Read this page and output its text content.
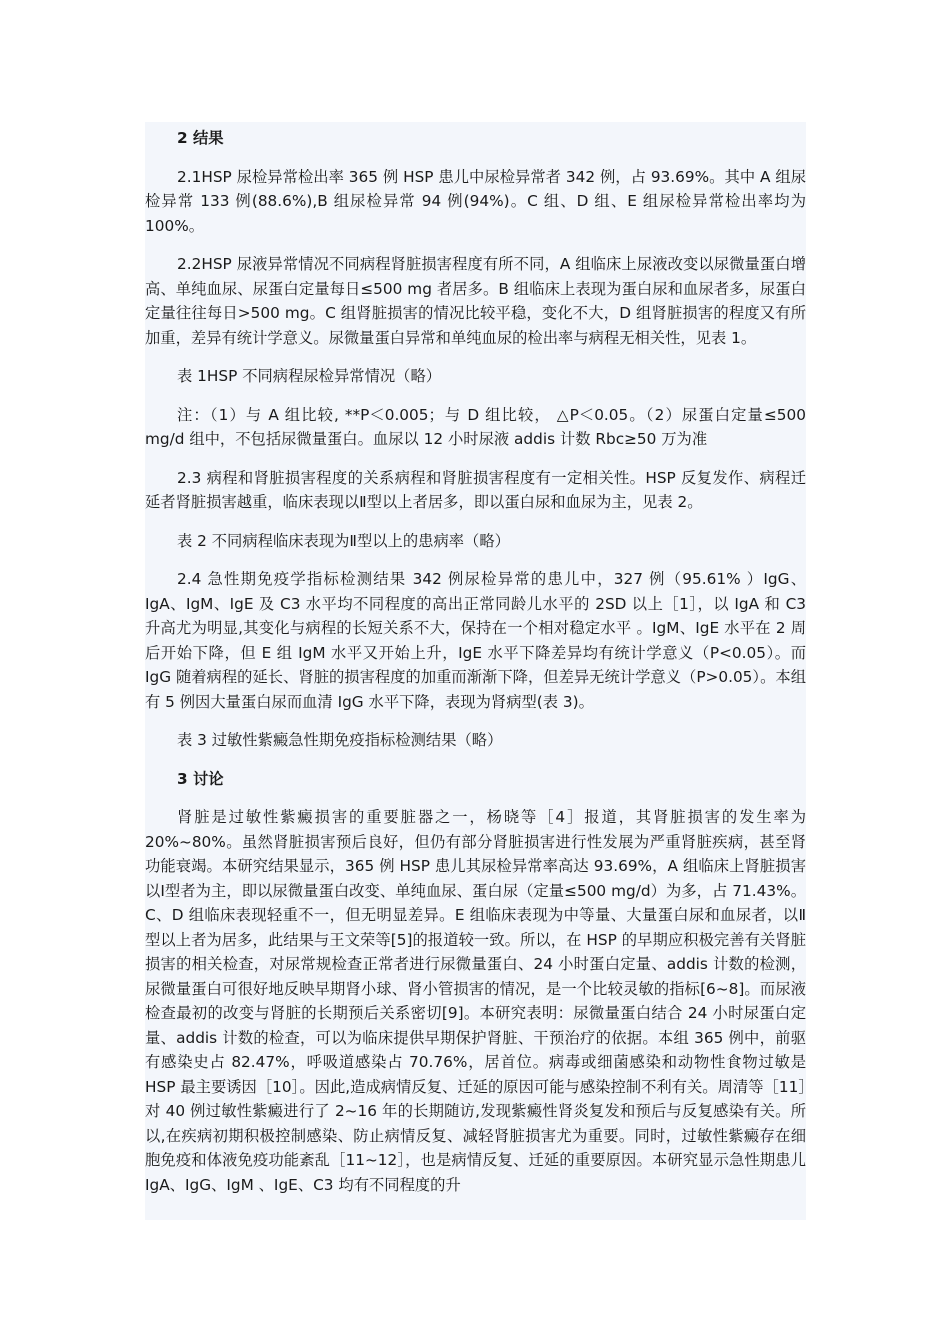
2 结果

2.1HSP 尿检异常检出率 365 例 HSP 患儿中尿检异常者 342 例，占 93.69%。其中 A 组尿检异常 133 例(88.6%),B 组尿检异常 94 例(94%)。C 组、D 组、E 组尿检异常检出率均为 100%。

2.2HSP 尿液异常情况不同病程肾脏损害程度有所不同，A 组临床上尿液改变以尿微量蛋白增高、单纯血尿、尿蛋白定量每日≤500 mg 者居多。B 组临床上表现为蛋白尿和血尿者多，尿蛋白定量往往每日>500 mg。C 组肾脏损害的情况比较平稳，变化不大，D 组肾脏损害的程度又有所加重，差异有统计学意义。尿微量蛋白异常和单纯血尿的检出率与病程无相关性，见表 1。

表 1HSP 不同病程尿检异常情况（略）

注：（1）与 A 组比较, **P＜0.005；与 D 组比较， △P＜0.05。（2）尿蛋白定量≤500 mg/d 组中，不包括尿微量蛋白。血尿以 12 小时尿液 addis 计数 Rbc≥50 万为准

2.3 病程和肾脏损害程度的关系病程和肾脏损害程度有一定相关性。HSP 反复发作、病程迁延者肾脏损害越重，临床表现以Ⅱ型以上者居多，即以蛋白尿和血尿为主，见表 2。

表 2 不同病程临床表现为Ⅱ型以上的患病率（略）

2.4 急性期免疫学指标检测结果 342 例尿检异常的患儿中，327 例（95.61% ）IgG、IgA、IgM、IgE 及 C3 水平均不同程度的高出正常同龄儿水平的 2SD 以上［1］，以 IgA 和 C3 升高尤为明显,其变化与病程的长短关系不大，保持在一个相对稳定水平 。IgM、IgE 水平在 2 周后开始下降，但 E 组 IgM 水平又开始上升，IgE 水平下降差异均有统计学意义（P<0.05）。而 IgG 随着病程的延长、肾脏的损害程度的加重而渐渐下降，但差异无统计学意义（P>0.05）。本组有 5 例因大量蛋白尿而血清 IgG 水平下降，表现为肾病型(表 3)。

表 3 过敏性紫癜急性期免疫指标检测结果（略）

3 讨论

肾脏是过敏性紫癜损害的重要脏器之一，杨晓等［4］报道，其肾脏损害的发生率为 20%~80%。虽然肾脏损害预后良好，但仍有部分肾脏损害进行性发展为严重肾脏疾病，甚至肾功能衰竭。本研究结果显示，365 例 HSP 患儿其尿检异常率高达 93.69%，A 组临床上肾脏损害以Ⅰ型者为主，即以尿微量蛋白改变、单纯血尿、蛋白尿（定量≤500 mg/d）为多，占 71.43%。C、D 组临床表现轻重不一，但无明显差异。E 组临床表现为中等量、大量蛋白尿和血尿者，以Ⅱ型以上者为居多，此结果与王文荣等[5]的报道较一致。所以，在 HSP 的早期应积极完善有关肾脏损害的相关检查，对尿常规检查正常者进行尿微量蛋白、24 小时蛋白定量、addis 计数的检测，尿微量蛋白可很好地反映早期肾小球、肾小管损害的情况，是一个比较灵敏的指标[6~8]。而尿液检查最初的改变与肾脏的长期预后关系密切[9]。本研究表明：尿微量蛋白结合 24 小时尿蛋白定量、addis 计数的检查，可以为临床提供早期保护肾脏、干预治疗的依据。本组 365 例中，前驱有感染史占 82.47%，呼吸道感染占 70.76%，居首位。病毒或细菌感染和动物性食物过敏是 HSP 最主要诱因［10］。因此,造成病情反复、迁延的原因可能与感染控制不利有关。周清等［11］对 40 例过敏性紫癜进行了 2~16 年的长期随访,发现紫癜性肾炎复发和预后与反复感染有关。所以,在疾病初期积极控制感染、防止病情反复、减轻肾脏损害尤为重要。同时，过敏性紫癜存在细胞免疫和体液免疫功能紊乱［11~12］，也是病情反复、迁延的重要原因。本研究显示急性期患儿 IgA、IgG、IgM 、IgE、C3 均有不同程度的升
